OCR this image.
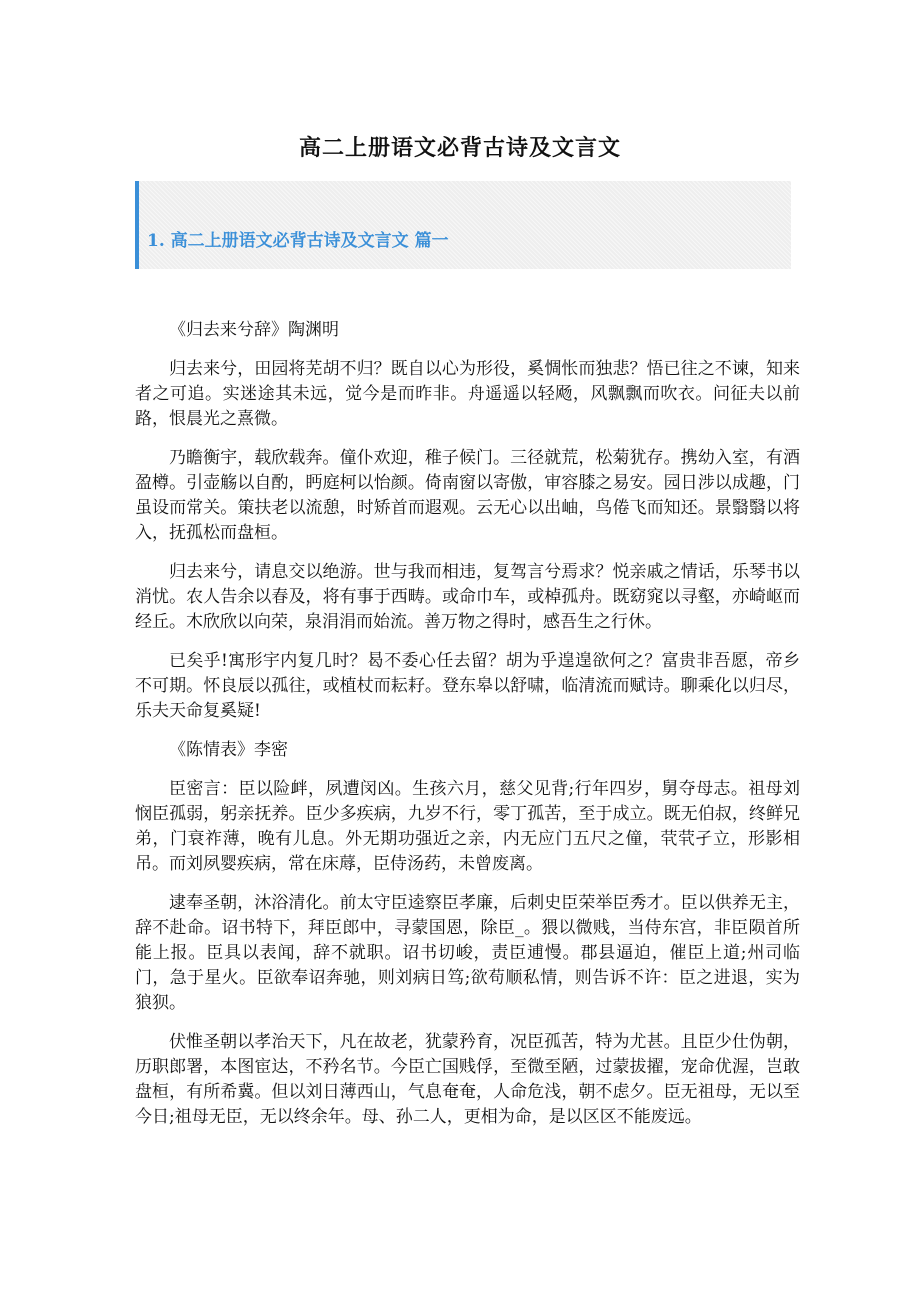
高二上册语文必背古诗及文言文
1. 高二上册语文必背古诗及文言文 篇一

《归去来兮辞》陶渊明

归去来兮，田园将芜胡不归？既自以心为形役，奚惆怅而独悲？悟已往之不谏，知来者之可追。实迷途其未远，觉今是而昨非。舟遥遥以轻飏，风飘飘而吹衣。问征夫以前路，恨晨光之熹微。

乃瞻衡宇，载欣载奔。僮仆欢迎，稚子候门。三径就荒，松菊犹存。携幼入室，有酒盈樽。引壶觞以自酌，眄庭柯以怡颜。倚南窗以寄傲，审容膝之易安。园日涉以成趣，门虽设而常关。策扶老以流憩，时矫首而遐观。云无心以出岫，鸟倦飞而知还。景翳翳以将入，抚孤松而盘桓。

归去来兮，请息交以绝游。世与我而相违，复驾言兮焉求？悦亲戚之情话，乐琴书以消忧。农人告余以春及，将有事于西畴。或命巾车，或棹孤舟。既窈窕以寻壑，亦崎岖而经丘。木欣欣以向荣，泉涓涓而始流。善万物之得时，感吾生之行休。

已矣乎!寓形宇内复几时？曷不委心任去留？胡为乎遑遑欲何之？富贵非吾愿，帝乡不可期。怀良辰以孤往，或植杖而耘耔。登东皋以舒啸，临清流而赋诗。聊乘化以归尽，乐夫天命复奚疑!

《陈情表》李密

臣密言：臣以险衅，夙遭闵凶。生孩六月，慈父见背;行年四岁，舅夺母志。祖母刘悯臣孤弱，躬亲抚养。臣少多疾病，九岁不行，零丁孤苦，至于成立。既无伯叔，终鲜兄弟，门衰祚薄，晚有儿息。外无期功强近之亲，内无应门五尺之僮，茕茕孑立，形影相吊。而刘夙婴疾病，常在床蓐，臣侍汤药，未曾废离。

逮奉圣朝，沐浴清化。前太守臣逵察臣孝廉，后刺史臣荣举臣秀才。臣以供养无主，辞不赴命。诏书特下，拜臣郎中，寻蒙国恩，除臣_。猥以微贱，当侍东宫，非臣陨首所能上报。臣具以表闻，辞不就职。诏书切峻，责臣逋慢。郡县逼迫，催臣上道;州司临门，急于星火。臣欲奉诏奔驰，则刘病日笃;欲苟顺私情，则告诉不许：臣之进退，实为狼狈。

伏惟圣朝以孝治天下，凡在故老，犹蒙矜育，况臣孤苦，特为尤甚。且臣少仕伪朝，历职郎署，本图宦达，不矜名节。今臣亡国贱俘，至微至陋，过蒙拔擢，宠命优渥，岂敢盘桓，有所希冀。但以刘日薄西山，气息奄奄，人命危浅，朝不虑夕。臣无祖母，无以至今日;祖母无臣，无以终余年。母、孙二人，更相为命，是以区区不能废远。
